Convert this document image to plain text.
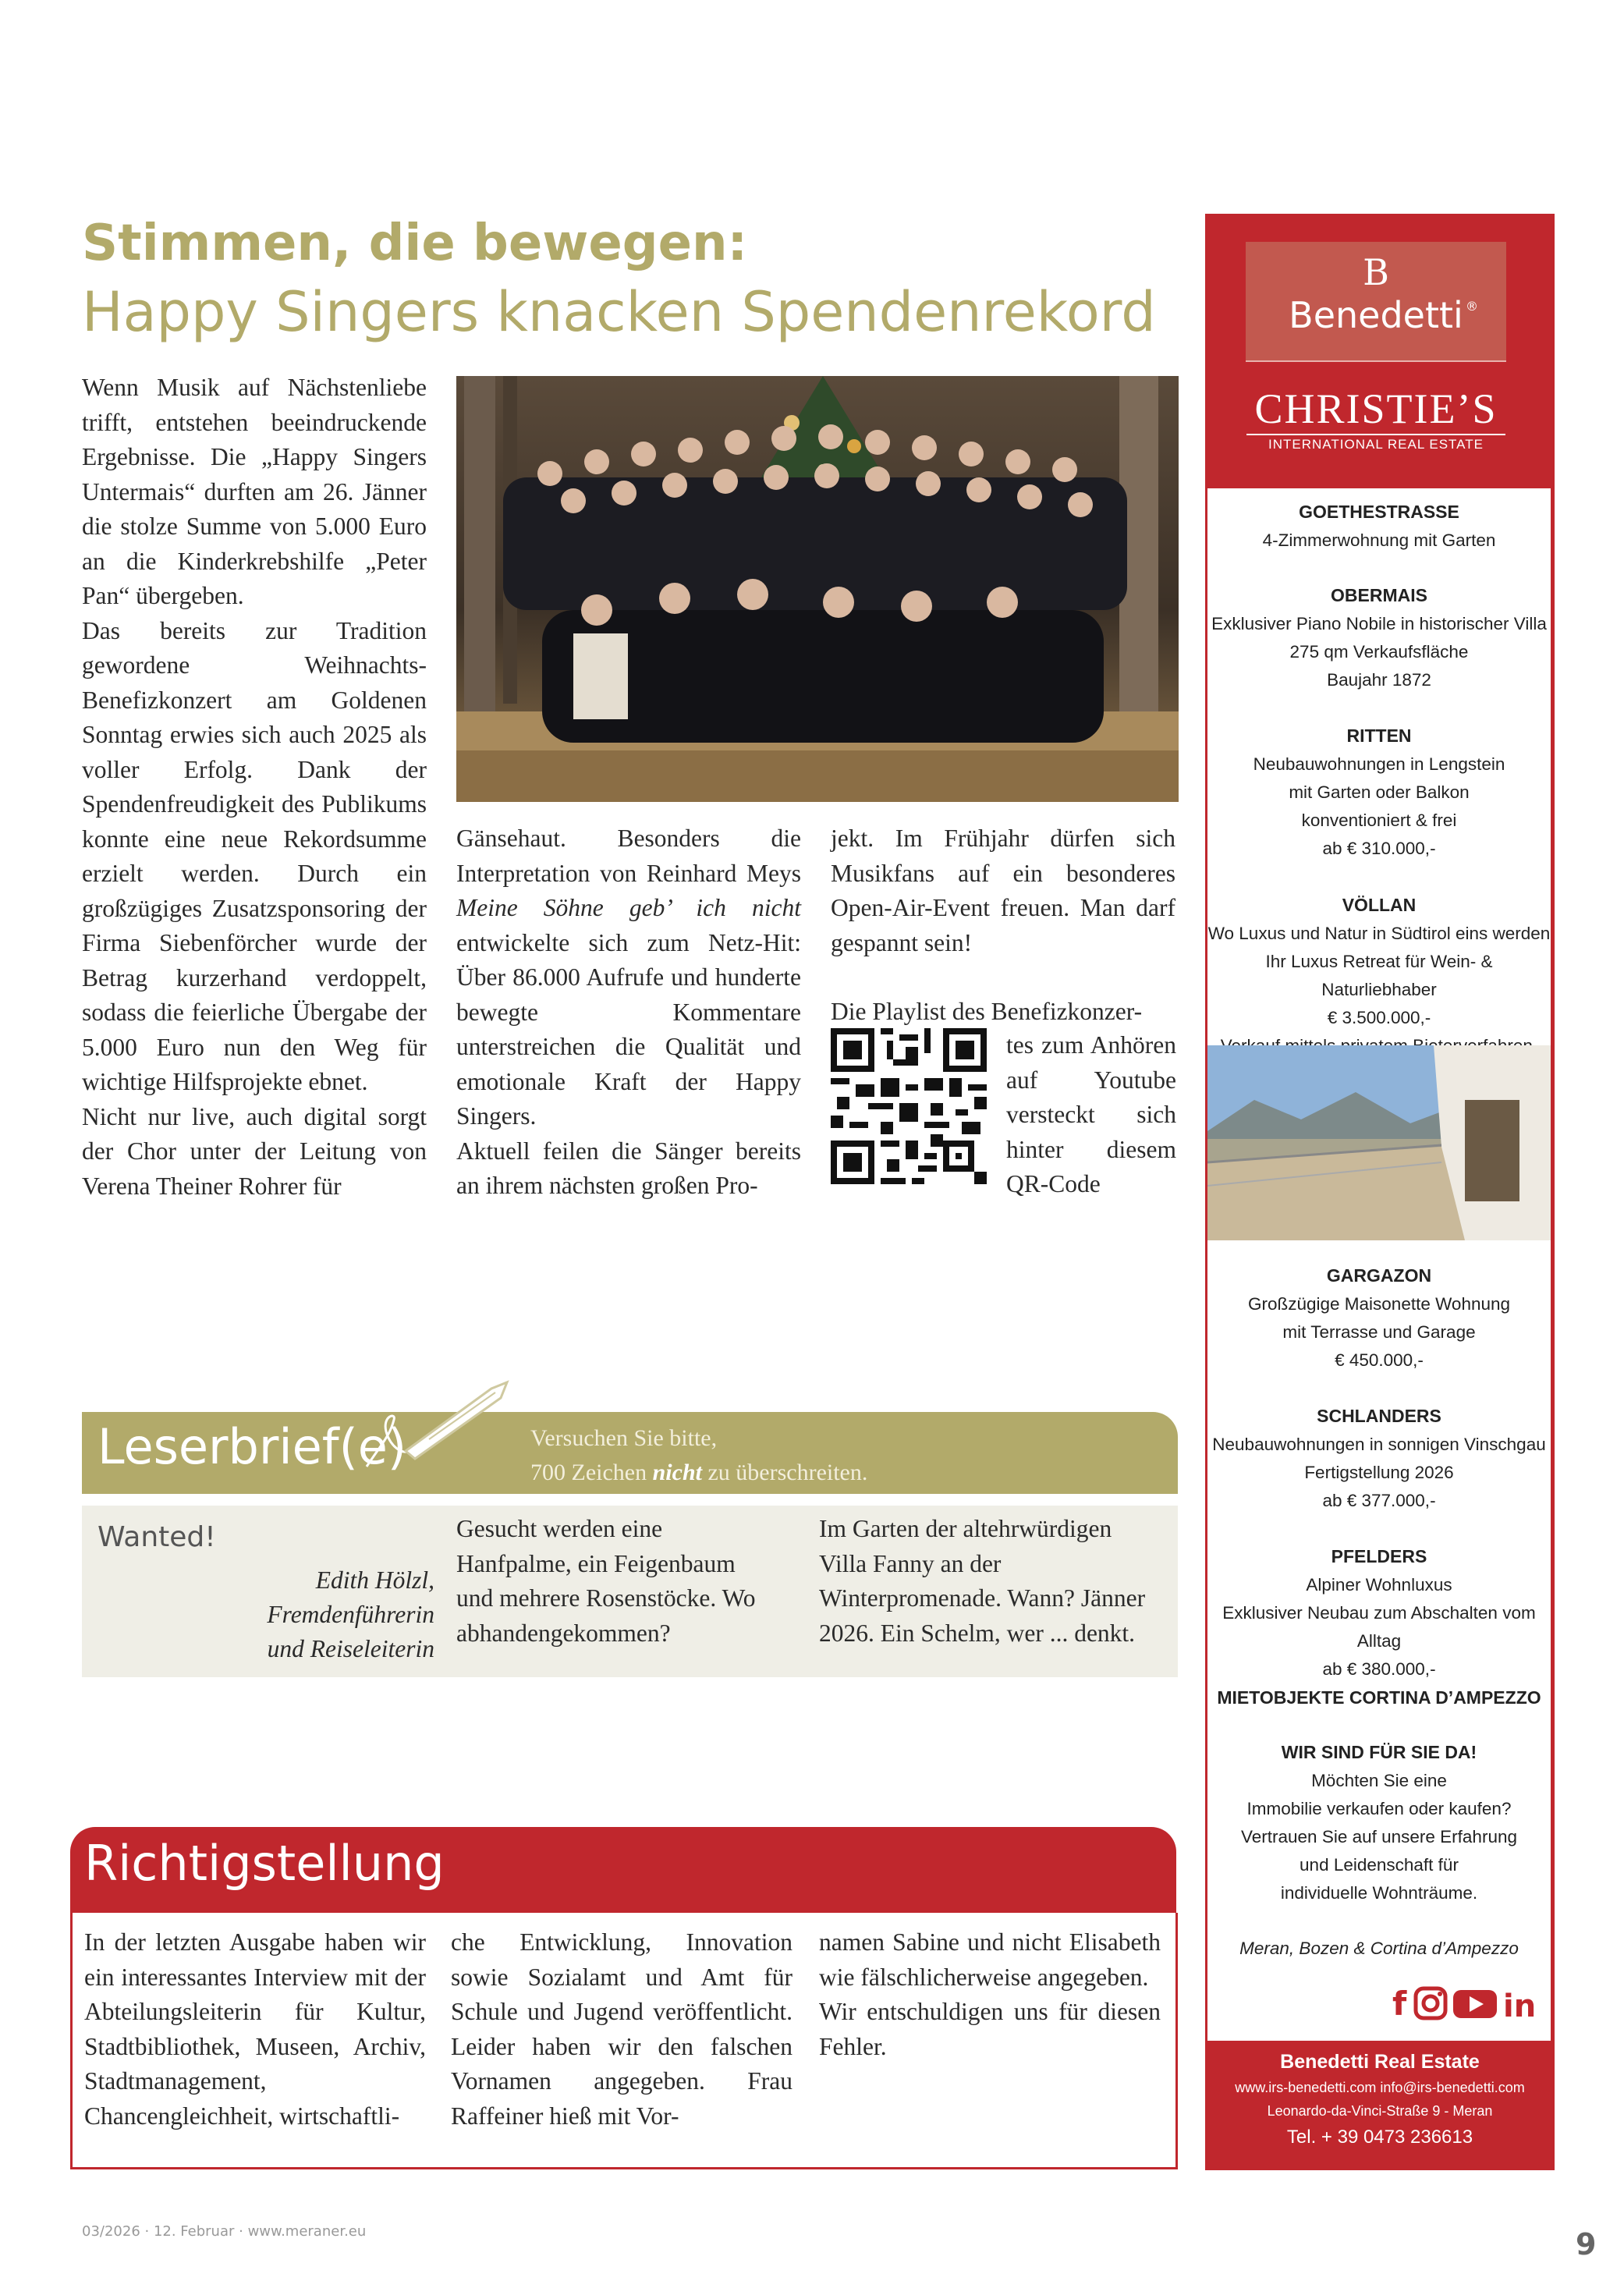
Stimmen, die bewegen:
Happy Singers knacken Spendenrekord

Wenn Musik auf Nächstenliebe trifft, entstehen beeindruckende Ergebnisse. Die „Happy Singers Untermais“ durften am 26. Jänner die stolze Summe von 5.000 Euro an die Kinderkrebshilfe „Peter Pan“ übergeben.

Das bereits zur Tradition gewordene Weihnachts-Benefizkonzert am Goldenen Sonntag erwies sich auch 2025 als voller Erfolg. Dank der Spendenfreudigkeit des Publikums konnte eine neue Rekordsumme erzielt werden. Durch ein großzügiges Zusatzsponsoring der Firma Siebenförcher wurde der Betrag kurzerhand verdoppelt, sodass die feierliche Übergabe der 5.000 Euro nun den Weg für wichtige Hilfsprojekte ebnet.

Nicht nur live, auch digital sorgt der Chor unter der Leitung von Verena Theiner Rohrer für

Gänsehaut. Besonders die Interpretation von Reinhard Meys Meine Söhne geb’ ich nicht entwickelte sich zum Netz-Hit: Über 86.000 Aufrufe und hunderte bewegte Kommentare unterstreichen die Qualität und emotionale Kraft der Happy Singers.

Aktuell feilen die Sänger bereits an ihrem nächsten großen Pro-

jekt. Im Frühjahr dürfen sich Musikfans auf ein besonderes Open-Air-Event freuen. Man darf gespannt sein!

Die Playlist des Benefizkonzer-

tes zum Anhören auf Youtube versteckt sich hinter diesem QR-Code
Leserbrief(e)	Versuchen Sie bitte,
700 Zeichen nicht zu überschreiten.
Wanted!
Edith Hölzl,
Fremdenführerin
und Reiseleiterin
Gesucht werden eine Hanfpalme, ein Feigenbaum und mehrere Rosenstöcke. Wo abhandengekommen?
Im Garten der altehrwürdigen Villa Fanny an der Winterpromenade. Wann? Jänner 2026. Ein Schelm, wer ... denkt.
Richtigstellung
In der letzten Ausgabe haben wir ein interessantes Interview mit der Abteilungsleiterin für Kultur, Stadtbibliothek, Museen, Archiv, Stadtmanagement, Chancengleichheit, wirtschaftli-
che Entwicklung, Innovation sowie Sozialamt und Amt für Schule und Jugend veröffentlicht. Leider haben wir den falschen Vornamen angegeben. Frau Raffeiner hieß mit Vor-

namen Sabine und nicht Elisabeth wie fälschlicherweise angegeben.

Wir entschuldigen uns für diesen Fehler.

B
Benedetti ®
CHRISTIE’S
INTERNATIONAL REAL ESTATE
GOETHESTRASSE
4-Zimmerwohnung mit Garten
OBERMAIS
Exklusiver Piano Nobile in historischer Villa
275 qm Verkaufsfläche
Baujahr 1872
RITTEN
Neubauwohnungen in Lengstein
mit Garten oder Balkon
konventioniert & frei
ab € 310.000,-
VÖLLAN
Wo Luxus und Natur in Südtirol eins werden
Ihr Luxus Retreat für Wein- & Naturliebhaber
€ 3.500.000,-

GARGAZON
Großzügige Maisonette Wohnung
mit Terrasse und Garage
€ 450.000,-
SCHLANDERS
Neubauwohnungen in sonnigen Vinschgau
Fertigstellung 2026
ab € 377.000,-
PFELDERS
Alpiner Wohnluxus
Exklusiver Neubau zum Abschalten vom Alltag
ab € 380.000,-
MIETOBJEKTE CORTINA D’AMPEZZO
WIR SIND FÜR SIE DA!
Möchten Sie eine
Immobilie verkaufen oder kaufen?
Vertrauen Sie auf unsere Erfahrung
und Leidenschaft für
individuelle Wohnträume.
Meran, Bozen & Cortina d’Ampezzo
f	in
Benedetti Real Estate
www.irs-benedetti.com info@irs-benedetti.com
Leonardo-da-Vinci-Straße 9 - Meran
Tel. + 39 0473 236613
03/2026 · 12. Februar · www.meraner.eu	9
